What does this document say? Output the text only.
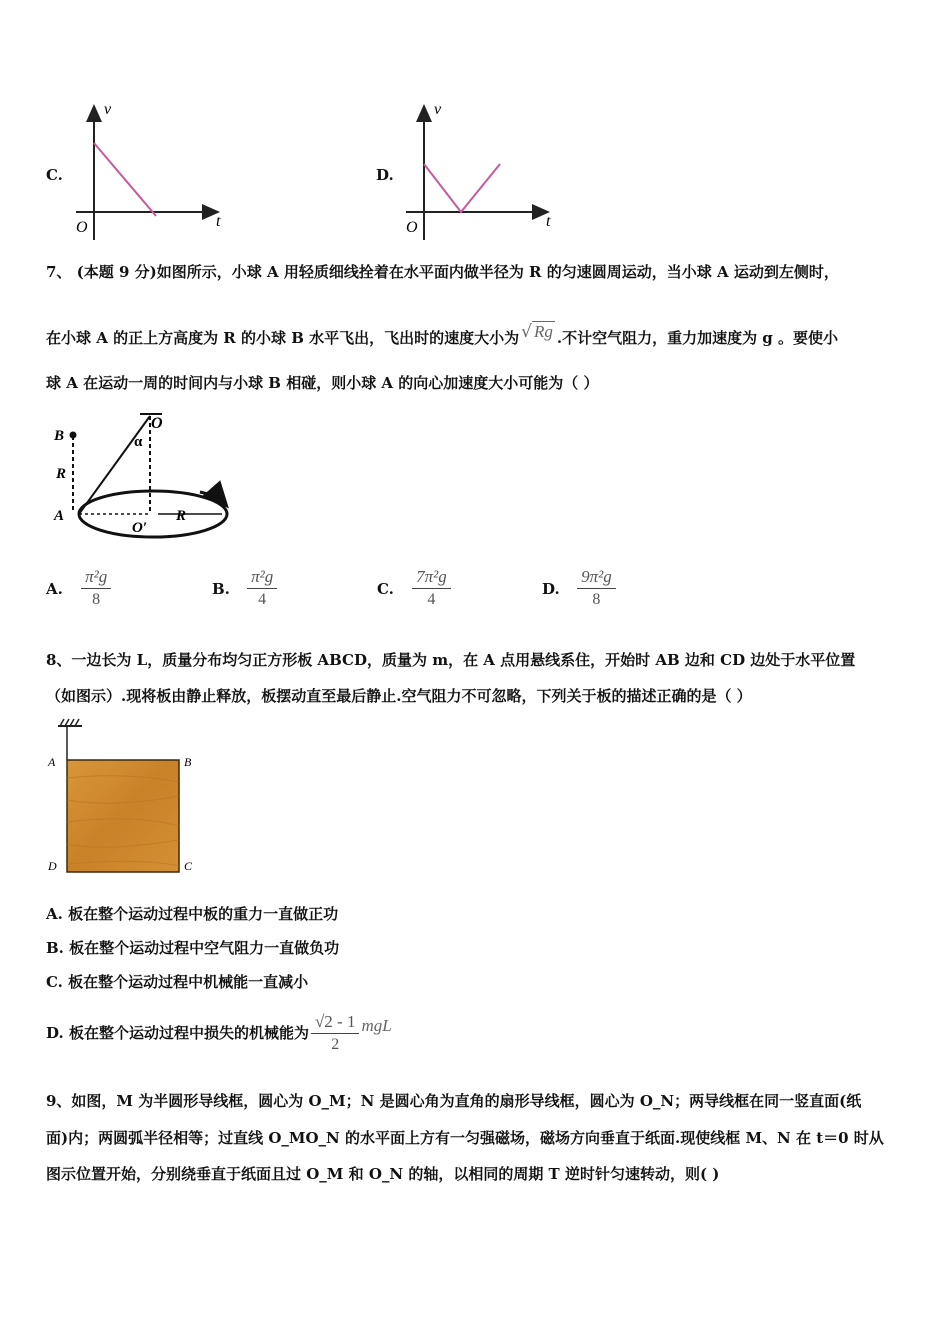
C.
v
t
O
D.
v
t
O
7、 (本题 9 分)如图所示，小球 A 用轻质细线拴着在水平面内做半径为 R 的匀速圆周运动，当小球 A 运动到左侧时，
在小球 A 的正上方高度为 R 的小球 B 水平飞出，飞出时的速度大小为 √ Rg .不计空气阻力，重力加速度为 g 。要使小
球 A 在运动一周的时间内与小球 B 相碰，则小球 A 的向心加速度大小可能为（ ）
B
R
A
O
α
O′
R
A. $\frac{\text{π²g}}{8}$	B. $\frac{\text{π²g}}{4}$	C. $\frac{\text{7π²g}}{4}$	D. $\frac{\text{9π²g}}{8}$
8、一边长为 L，质量分布均匀正方形板 ABCD，质量为 m，在 A 点用悬线系住，开始时 AB 边和 CD 边处于水平位置
（如图示）.现将板由静止释放，板摆动直至最后静止.空气阻力不可忽略，下列关于板的描述正确的是（ ）
A	B
C
D
A. 板在整个运动过程中板的重力一直做正功
B. 板在整个运动过程中空气阻力一直做负功
C. 板在整个运动过程中机械能一直减小
D.
板在整个运动过程中损失的机械能为 $\frac{√2 - 1}{2}$ mgL
9、如图，M 为半圆形导线框，圆心为 O_M；N 是圆心角为直角的扇形导线框，圆心为 O_N；两导线框在同一竖直面(纸
面)内；两圆弧半径相等；过直线 O_MO_N 的水平面上方有一匀强磁场，磁场方向垂直于纸面.现使线框 M、N 在 t＝0 时从
图示位置开始，分别绕垂直于纸面且过 O_M 和 O_N 的轴，以相同的周期 T 逆时针匀速转动，则( )
